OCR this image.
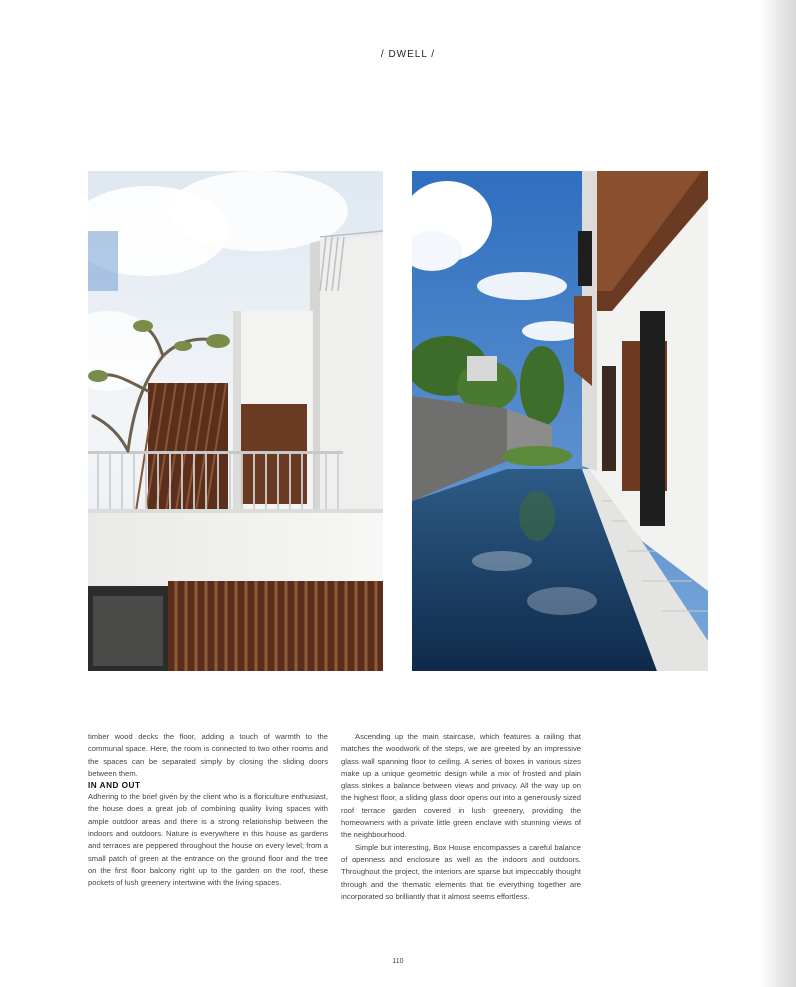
/ DWELL /

timber wood decks the floor, adding a touch of warmth to the communal space. Here, the room is connected to two other rooms and the spaces can be separated simply by closing the sliding doors between them.

IN AND OUT

Adhering to the brief given by the client who is a floriculture enthusiast, the house does a great job of combining quality living spaces with ample outdoor areas and there is a strong relationship between the indoors and outdoors. Nature is everywhere in this house as gardens and terraces are peppered throughout the house on every level; from a small patch of green at the entrance on the ground floor and the tree on the first floor balcony right up to the garden on the roof, these pockets of lush greenery intertwine with the living spaces.

Ascending up the main staircase, which features a railing that matches the woodwork of the steps, we are greeted by an impressive glass wall spanning floor to ceiling. A series of boxes in various sizes make up a unique geometric design while a mix of frosted and plain glass strikes a balance between views and privacy. All the way up on the highest floor, a sliding glass door opens out into a generously sized roof terrace garden covered in lush greenery, providing the homeowners with a private little green enclave with stunning views of the neighbourhood.

Simple but interesting, Box House encompasses a careful balance of openness and enclosure as well as the indoors and outdoors. Throughout the project, the interiors are sparse but impeccably thought through and the thematic elements that tie everything together are incorporated so brilliantly that it almost seems effortless.

110
